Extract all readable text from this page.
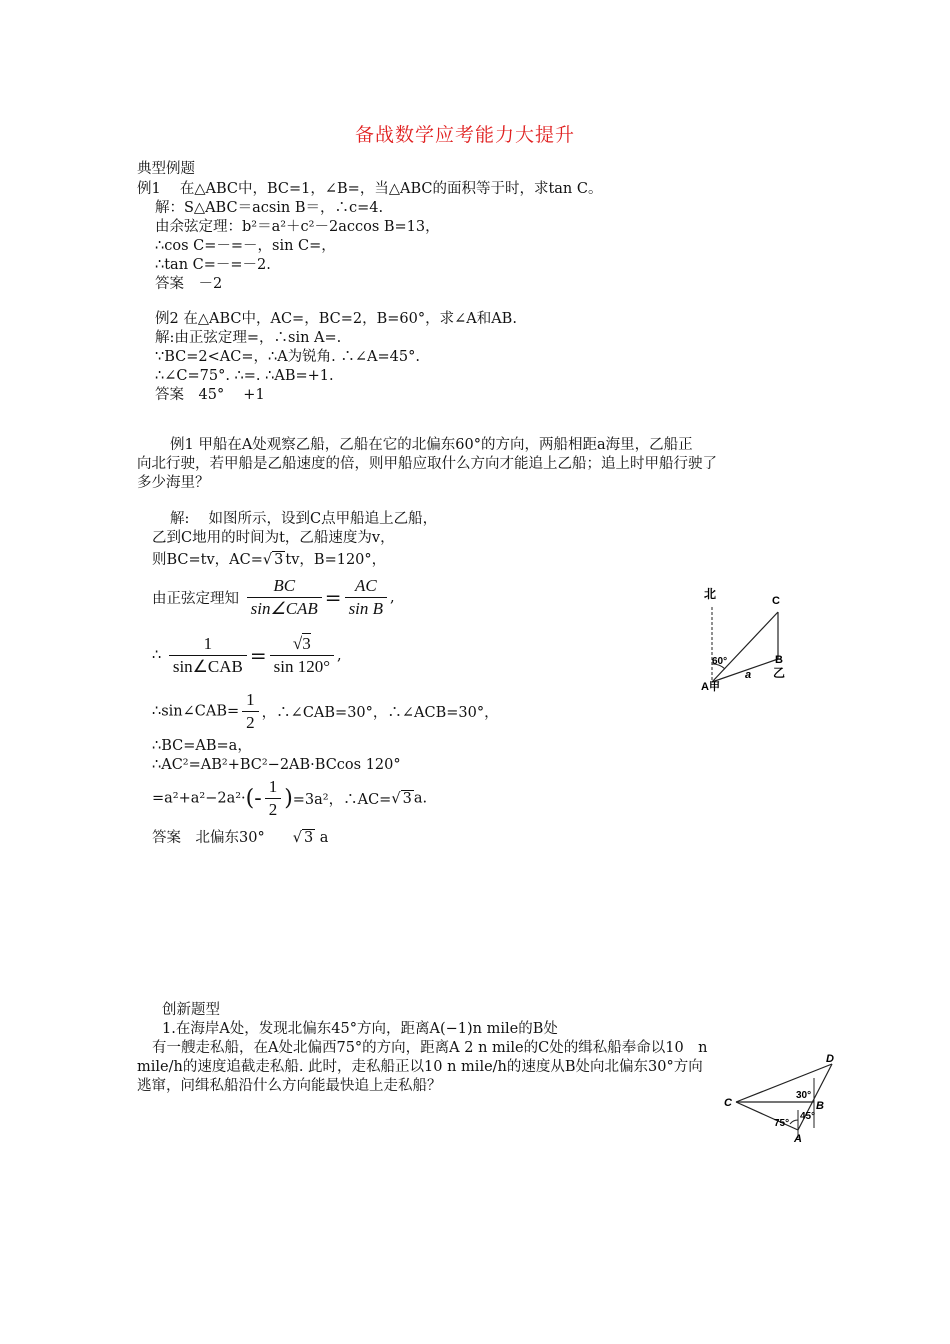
备战数学应考能力大提升
典型例题
例1　 在△ABC中，BC=1，∠B=，当△ABC的面积等于时，求tan C。
解：S△ABC＝acsin B＝，∴c=4.
由余弦定理：b²＝a²＋c²－2accos B=13，
∴cos C=－=－，sin C=，
∴tan C=－=－2.
答案　－2
例2 在△ABC中，AC=，BC=2，B=60°，求∠A和AB.
解:由正弦定理=，∴sin A=.
∵BC=2<AC=，∴A为锐角. ∴∠A=45°.
∴∠C=75°. ∴=. ∴AB=+1.
答案　45°　 +1
例1 甲船在A处观察乙船，乙船在它的北偏东60°的方向，两船相距a海里，乙船正
向北行驶，若甲船是乙船速度的倍，则甲船应取什么方向才能追上乙船；追上时甲船行驶了
多少海里？
解:　 如图所示，设到C点甲船追上乙船，
乙到C地用的时间为t，乙船速度为v，
则BC=tv，AC=√ 3 tv，B=120°，
由正弦定理知 $\frac{BC}{\text{sin∠CAB}} = \frac{AC}{\text{sin B}}$ ,
∴ $\frac{1}{\text{sin∠CAB}} = \frac{√3}{\sin 120^\circ}$ ,
∴sin∠CAB= $\frac{1}{2}$ ，∴∠CAB=30°，∴∠ACB=30°，
∴BC=AB=a，
∴AC²=AB²+BC²−2AB·BCcos 120°
$=a^2+a^2-2a^2\cdot(- \frac{1}{2} )=3a^2$，∴AC=√ 3 a.
答案　北偏东30° √ 3 a
北	C
60°	B
乙
A甲
a
创新题型
1.在海岸A处，发现北偏东45°方向，距离A(−1)n mile的B处
有一艘走私船，在A处北偏西75°的方向，距离A 2 n mile的C处的缉私船奉命以10　n
mile/h的速度追截走私船. 此时，走私船正以10 n mile/h的速度从B处向北偏东30°方向
逃窜，问缉私船沿什么方向能最快追上走私船？
D
C
30°
B
45°
75°
A
